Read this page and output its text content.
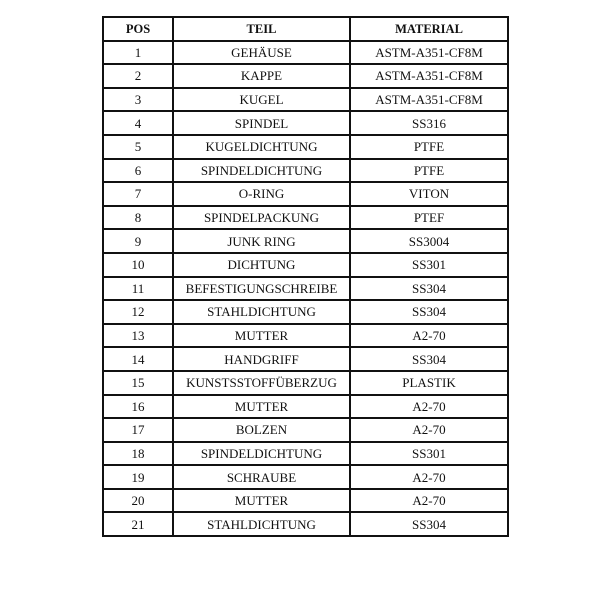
POS	TEIL	MATERIAL
1	GEHÄUSE	ASTM-A351-CF8M
2	KAPPE	ASTM-A351-CF8M
3	KUGEL	ASTM-A351-CF8M
4	SPINDEL	SS316
5	KUGELDICHTUNG	PTFE
6	SPINDELDICHTUNG	PTFE
7	O-RING	VITON
8	SPINDELPACKUNG	PTEF
9	JUNK RING	SS3004
10	DICHTUNG	SS301
11	BEFESTIGUNGSCHREIBE	SS304
12	STAHLDICHTUNG	SS304
13	MUTTER	A2-70
14	HANDGRIFF	SS304
15	KUNSTSSTOFFÜBERZUG	PLASTIK
16	MUTTER	A2-70
17	BOLZEN	A2-70
18	SPINDELDICHTUNG	SS301
19	SCHRAUBE	A2-70
20	MUTTER	A2-70
21	STAHLDICHTUNG	SS304
